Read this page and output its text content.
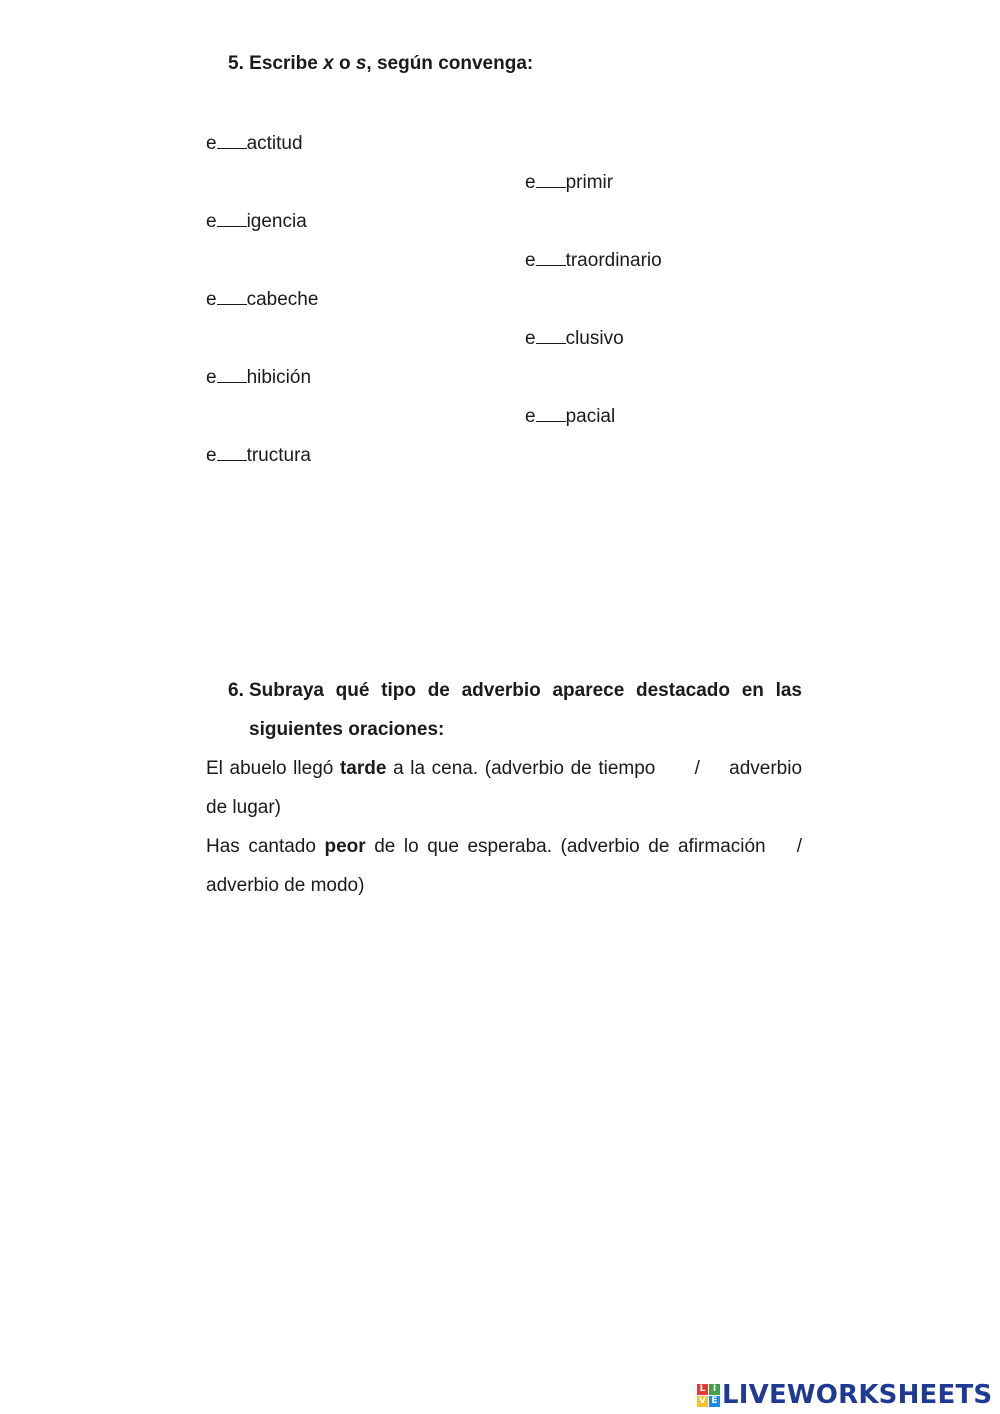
5. Escribe x o s, según convenga:
e actitud
e primir
e igencia
e traordinario
e cabeche
e clusivo
e hibición
e pacial
e tructura
6. Subraya qué tipo de adverbio aparece destacado en las siguientes oraciones:
El abuelo llegó tarde a la cena. (adverbio de tiempo / adverbio de lugar)
Has cantado peor de lo que esperaba. (adverbio de afirmación / adverbio de modo)
L I
V E LIVEWORKSHEETS
